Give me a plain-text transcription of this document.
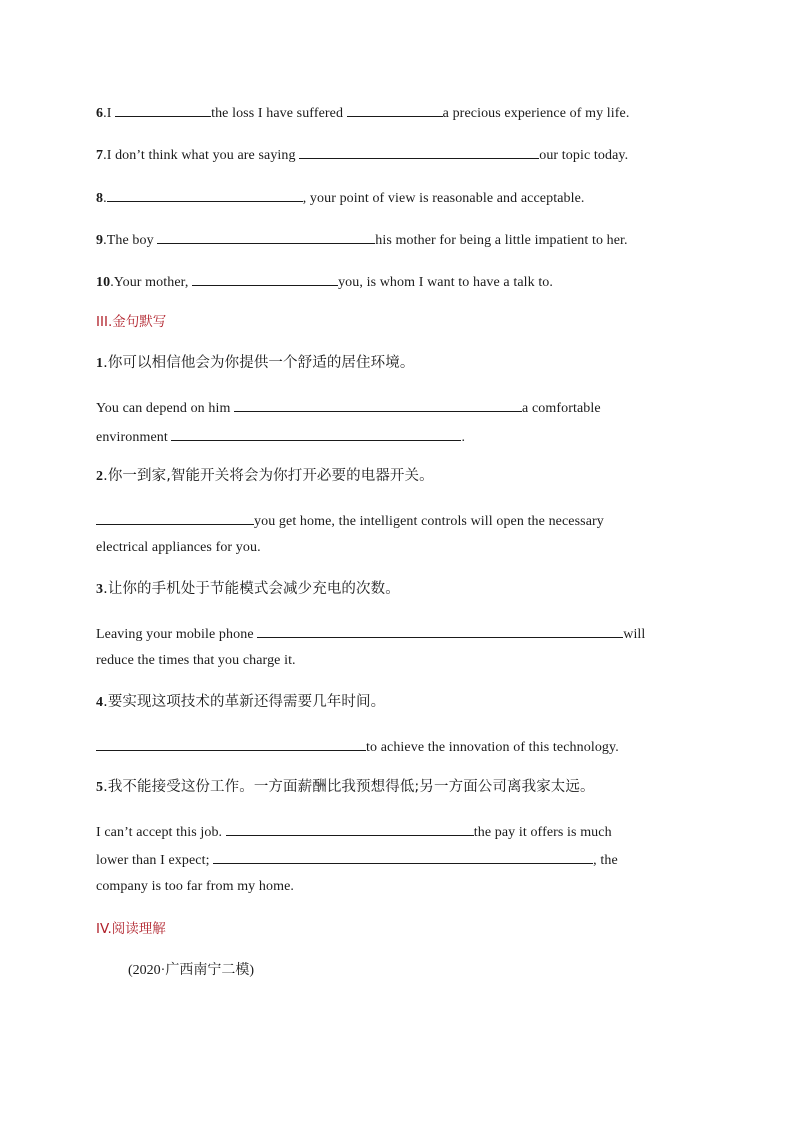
6.I	the loss I have suffered	a precious experience of my life.
7.I don’t think what you are saying	our topic today.
8.	, your point of view is reasonable and acceptable.
9.The boy	his mother for being a little impatient to her.
10.Your mother,	you, is whom I want to have a talk to.
III.金句默写
1.你可以相信他会为你提供一个舒适的居住环境。
You can depend on him	a comfortable
environment	.
2.你一到家,智能开关将会为你打开必要的电器开关。
you get home, the intelligent controls will open the necessary
electrical appliances for you.
3.让你的手机处于节能模式会减少充电的次数。
Leaving your mobile phone	will
reduce the times that you charge it.
4.要实现这项技术的革新还得需要几年时间。
to achieve the innovation of this technology.
5.我不能接受这份工作。一方面薪酬比我预想得低;另一方面公司离我家太远。
I can’t accept this job.	the pay it offers is much
lower than I expect;	, the
company is too far from my home.
IV.阅读理解
(2020·广西南宁二模)
